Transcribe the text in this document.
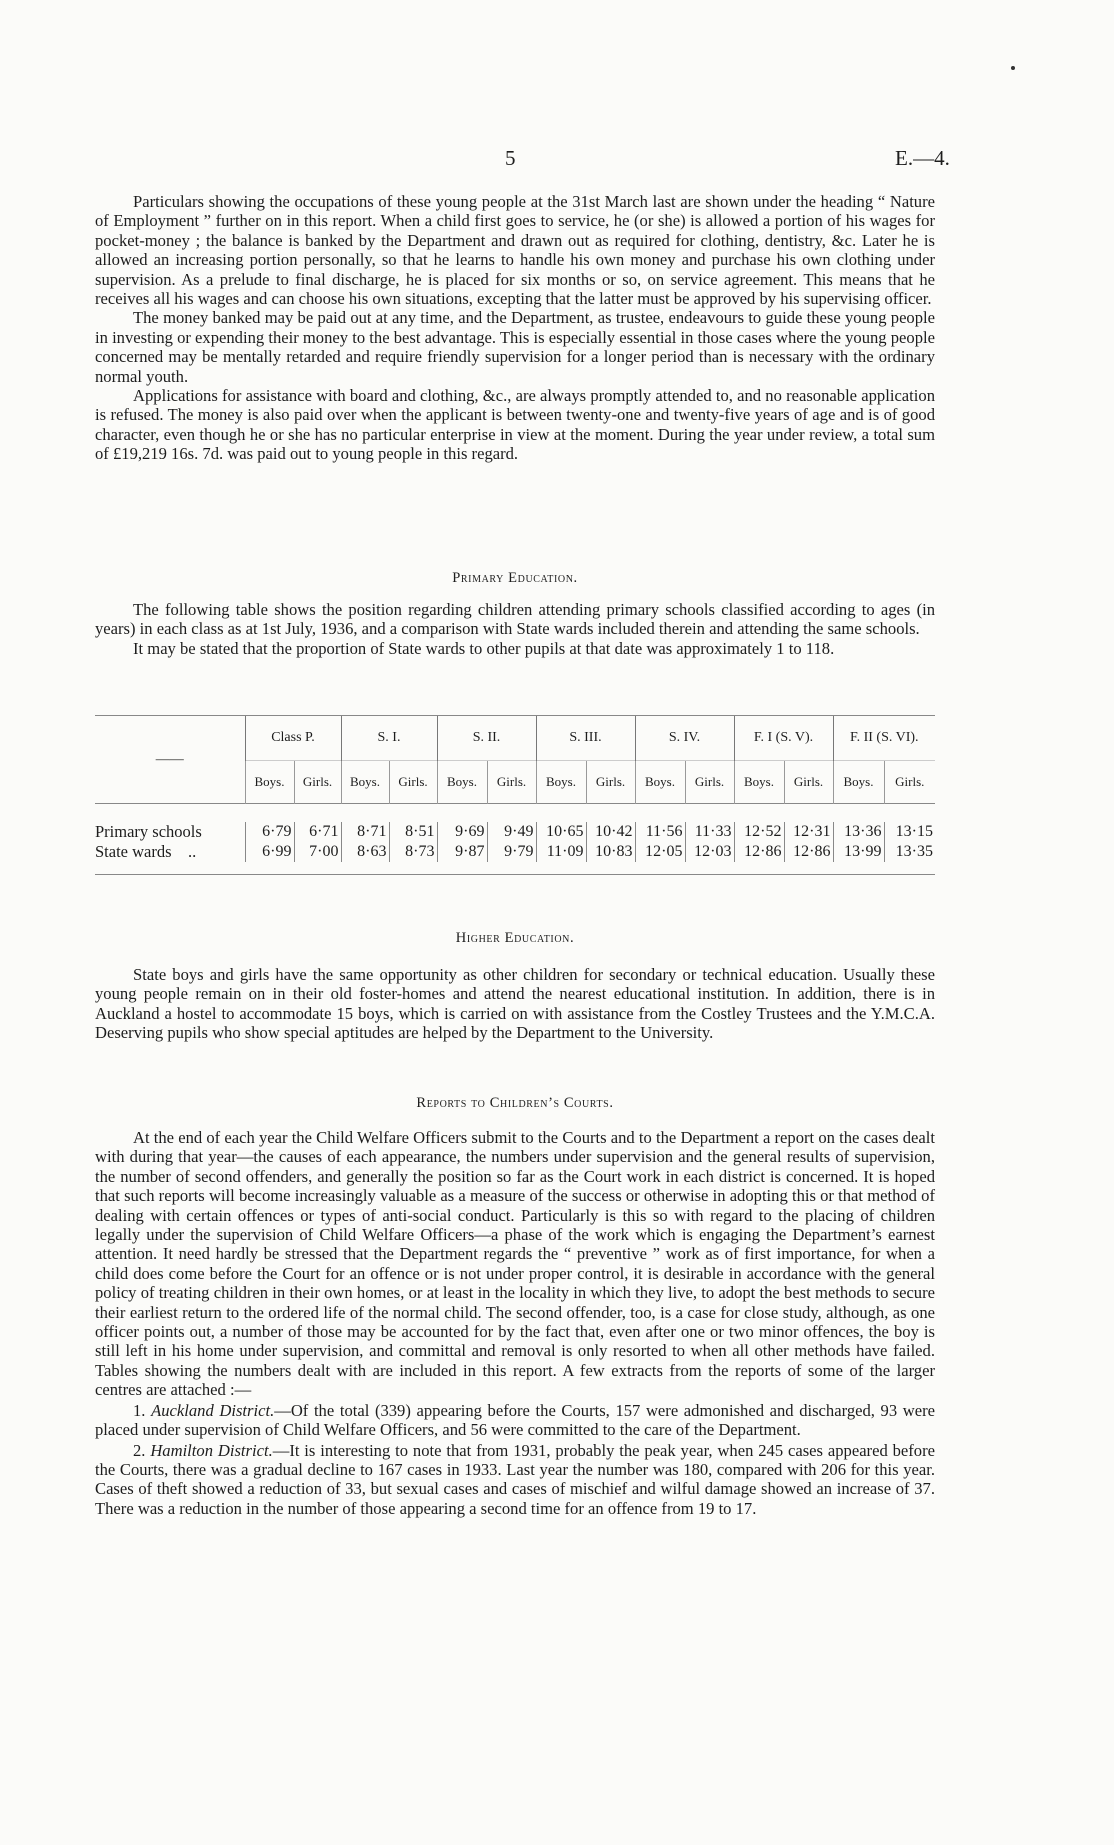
5	E.—4.

Particulars showing the occupations of these young people at the 31st March last are shown under the heading “ Nature of Employment ” further on in this report. When a child first goes to service, he (or she) is allowed a portion of his wages for pocket-money ; the balance is banked by the Department and drawn out as required for clothing, dentistry, &c. Later he is allowed an increasing portion personally, so that he learns to handle his own money and purchase his own clothing under supervision. As a prelude to final discharge, he is placed for six months or so, on service agreement. This means that he receives all his wages and can choose his own situations, excepting that the latter must be approved by his supervising officer.

The money banked may be paid out at any time, and the Department, as trustee, endeavours to guide these young people in investing or expending their money to the best advantage. This is especially essential in those cases where the young people concerned may be mentally retarded and require friendly supervision for a longer period than is necessary with the ordinary normal youth.

Applications for assistance with board and clothing, &c., are always promptly attended to, and no reasonable application is refused. The money is also paid over when the applicant is between twenty-one and twenty-five years of age and is of good character, even though he or she has no particular enterprise in view at the moment. During the year under review, a total sum of £19,219 16s. 7d. was paid out to young people in this regard.

Primary Education.

The following table shows the position regarding children attending primary schools classified according to ages (in years) in each class as at 1st July, 1936, and a comparison with State wards included therein and attending the same schools.

It may be stated that the proportion of State wards to other pupils at that date was approximately 1 to 118.

——	Class P.		S. I.		S. II.		S. III.		S. IV.		F. I (S. V).		F. II (S. VI).	
	Boys.	Girls.	Boys.	Girls.	Boys.	Girls.	Boys.	Girls.	Boys.	Girls.	Boys.	Girls.	Boys.	Girls.

Primary schools	6·79	6·71	8·71	8·51	9·69	9·49	10·65	10·42	11·56	11·33	12·52	12·31	13·36	13·15
State wards    ..	6·99	7·00	8·63	8·73	9·87	9·79	11·09	10·83	12·05	12·03	12·86	12·86	13·99	13·35

Higher Education.

State boys and girls have the same opportunity as other children for secondary or technical education. Usually these young people remain on in their old foster-homes and attend the nearest educational institution. In addition, there is in Auckland a hostel to accommodate 15 boys, which is carried on with assistance from the Costley Trustees and the Y.M.C.A. Deserving pupils who show special aptitudes are helped by the Department to the University.

Reports to Children’s Courts.

At the end of each year the Child Welfare Officers submit to the Courts and to the Department a report on the cases dealt with during that year—the causes of each appearance, the numbers under supervision and the general results of supervision, the number of second offenders, and generally the position so far as the Court work in each district is concerned. It is hoped that such reports will become increasingly valuable as a measure of the success or otherwise in adopting this or that method of dealing with certain offences or types of anti-social conduct. Particularly is this so with regard to the placing of children legally under the supervision of Child Welfare Officers—a phase of the work which is engaging the Department’s earnest attention. It need hardly be stressed that the Department regards the “ preventive ” work as of first importance, for when a child does come before the Court for an offence or is not under proper control, it is desirable in accordance with the general policy of treating children in their own homes, or at least in the locality in which they live, to adopt the best methods to secure their earliest return to the ordered life of the normal child. The second offender, too, is a case for close study, although, as one officer points out, a number of those may be accounted for by the fact that, even after one or two minor offences, the boy is still left in his home under supervision, and committal and removal is only resorted to when all other methods have failed. Tables showing the numbers dealt with are included in this report. A few extracts from the reports of some of the larger centres are attached :—

1. Auckland District.—Of the total (339) appearing before the Courts, 157 were admonished and discharged, 93 were placed under supervision of Child Welfare Officers, and 56 were committed to the care of the Department.

2. Hamilton District.—It is interesting to note that from 1931, probably the peak year, when 245 cases appeared before the Courts, there was a gradual decline to 167 cases in 1933. Last year the number was 180, compared with 206 for this year. Cases of theft showed a reduction of 33, but sexual cases and cases of mischief and wilful damage showed an increase of 37. There was a reduction in the number of those appearing a second time for an offence from 19 to 17.
